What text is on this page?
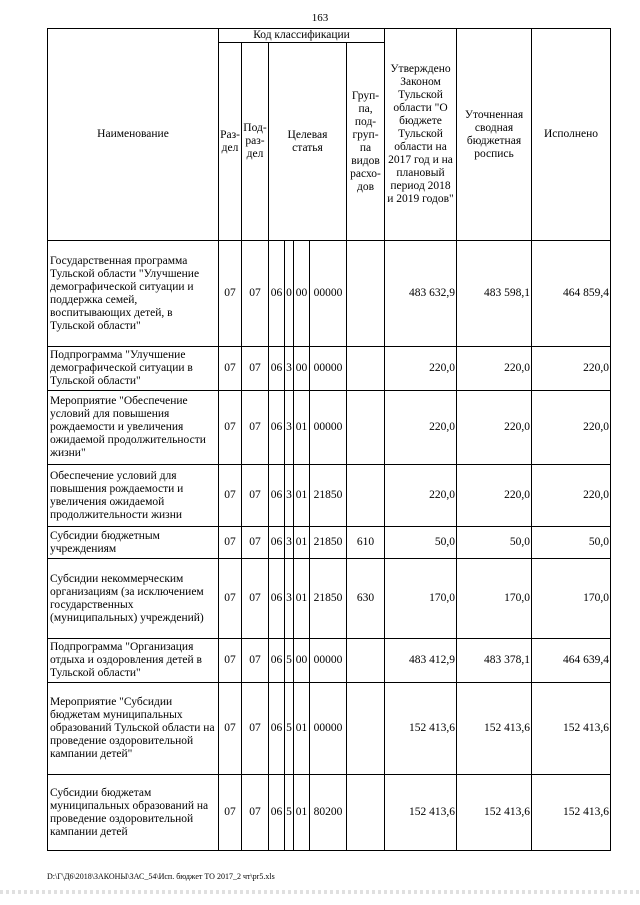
163
Наименование	Код классификации							Утверждено Законом Тульской области "О бюджете Тульской области на 2017 год и на плановый период 2018 и 2019 годов"	Уточненная сводная бюджетная роспись	Исполнено
	Раз-дел	Под-раз-дел	Целевая статья				Груп-па, под-груп-па видов расхо-дов			
Государственная программа Тульской области "Улучшение демографической ситуации и поддержка семей, воспитывающих детей, в Тульской области"	07	07	06	0	00	00000		483 632,9	483 598,1	464 859,4
Подпрограмма "Улучшение демографической ситуации в Тульской области"	07	07	06	3	00	00000		220,0	220,0	220,0
Мероприятие "Обеспечение условий для повышения рождаемости и увеличения ожидаемой продолжительности жизни"	07	07	06	3	01	00000		220,0	220,0	220,0
Обеспечение условий для повышения рождаемости и увеличения ожидаемой продолжительности жизни	07	07	06	3	01	21850		220,0	220,0	220,0
Субсидии бюджетным учреждениям	07	07	06	3	01	21850	610	50,0	50,0	50,0
Субсидии некоммерческим организациям (за исключением государственных (муниципальных) учреждений)	07	07	06	3	01	21850	630	170,0	170,0	170,0
Подпрограмма "Организация отдыха и оздоровления детей в Тульской области"	07	07	06	5	00	00000		483 412,9	483 378,1	464 639,4
Мероприятие "Субсидии бюджетам муниципальных образований Тульской области на проведение оздоровительной кампании детей"	07	07	06	5	01	00000		152 413,6	152 413,6	152 413,6
Субсидии бюджетам муниципальных образований на проведение оздоровительной кампании детей	07	07	06	5	01	80200		152 413,6	152 413,6	152 413,6
D:\Г\Д6\2018\ЗАКОНЫ\ЗАС_54\Исп. бюджет ТО 2017_2 чт\pr5.xls
